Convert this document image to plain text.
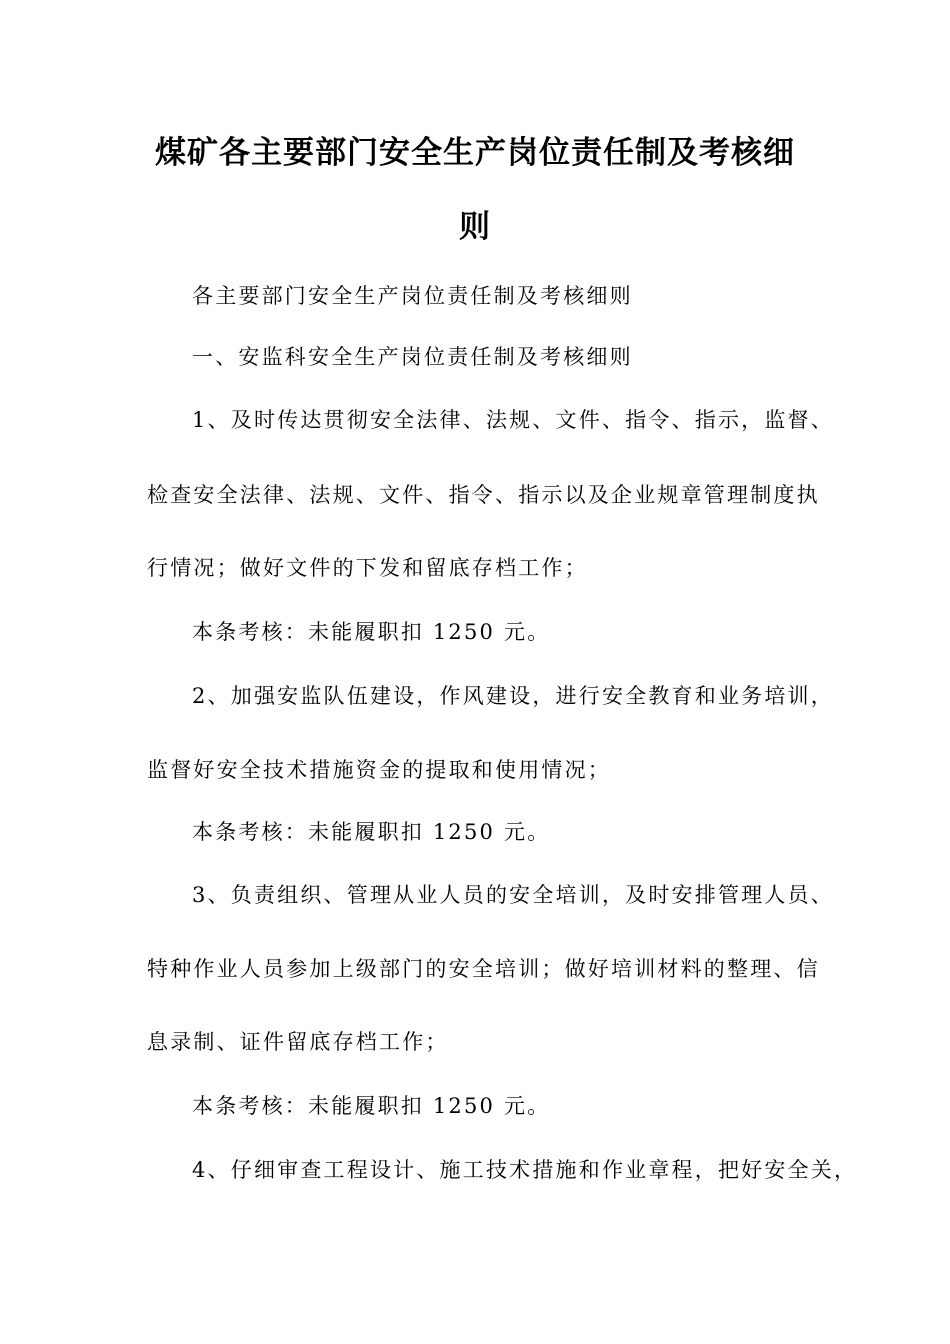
煤矿各主要部门安全生产岗位责任制及考核细
则
各主要部门安全生产岗位责任制及考核细则
一、安监科安全生产岗位责任制及考核细则
1、及时传达贯彻安全法律、法规、文件、指令、指示，监督、
检查安全法律、法规、文件、指令、指示以及企业规章管理制度执
行情况；做好文件的下发和留底存档工作；
本条考核：未能履职扣 1250 元。
2、加强安监队伍建设，作风建设，进行安全教育和业务培训，
监督好安全技术措施资金的提取和使用情况；
本条考核：未能履职扣 1250 元。
3、负责组织、管理从业人员的安全培训，及时安排管理人员、
特种作业人员参加上级部门的安全培训；做好培训材料的整理、信
息录制、证件留底存档工作；
本条考核：未能履职扣 1250 元。
4、仔细审查工程设计、施工技术措施和作业章程，把好安全关，
